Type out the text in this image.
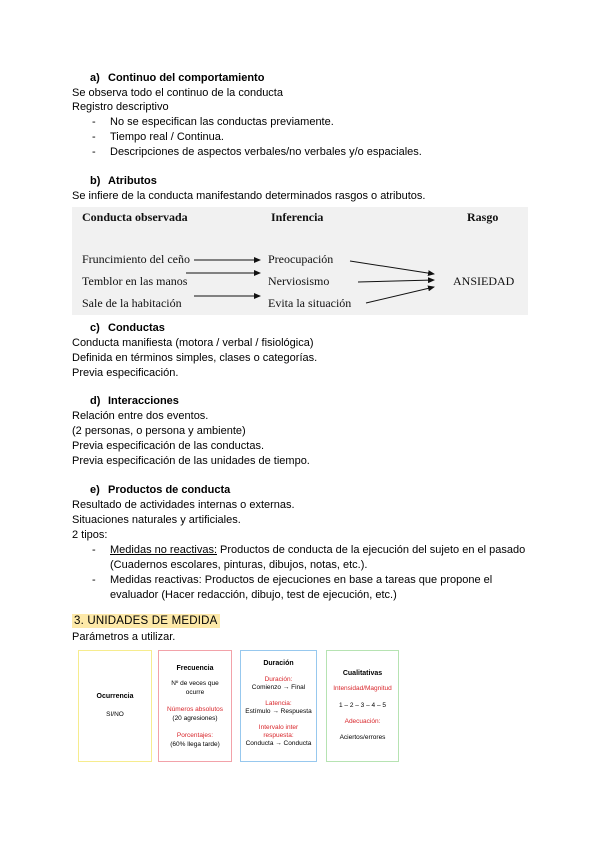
a) Continuo del comportamiento
Se observa todo el continuo de la conducta
Registro descriptivo
- No se especifican las conductas previamente.
- Tiempo real / Continua.
- Descripciones de aspectos verbales/no verbales y/o espaciales.
b) Atributos
Se infiere de la conducta manifestando determinados rasgos o atributos.
Conducta observada	Inferencia	Rasgo
Fruncimiento del ceño
Temblor en las manos
Sale de la habitación
Preocupación
Nerviosismo
Evita la situación
ANSIEDAD
c) Conductas
Conducta manifiesta (motora / verbal / fisiológica)
Definida en términos simples, clases o categorías.
Previa especificación.
d) Interacciones
Relación entre dos eventos.
(2 personas, o persona y ambiente)
Previa especificación de las conductas.
Previa especificación de las unidades de tiempo.
e) Productos de conducta
Resultado de actividades internas o externas.
Situaciones naturales y artificiales.
2 tipos:
- Medidas no reactivas: Productos de conducta de la ejecución del sujeto en el pasado
(Cuadernos escolares, pinturas, dibujos, notas, etc.).
- Medidas reactivas: Productos de ejecuciones en base a tareas que propone el
evaluador (Hacer redacción, dibujo, test de ejecución, etc.)
3. UNIDADES DE MEDIDA
Parámetros a utilizar.
Ocurrencia
SI/NO
Frecuencia
Nº de veces que
ocurre
Números absolutos
(20 agresiones)
Porcentajes:
(60% llega tarde)
Duración
Duración:
Comienzo → Final
Latencia:
Estímulo → Respuesta
Intervalo inter
respuesta:
Conducta → Conducta
Cualitativas
Intensidad/Magnitud
1 – 2 – 3 – 4 – 5
Adecuación:
Aciertos/errores
